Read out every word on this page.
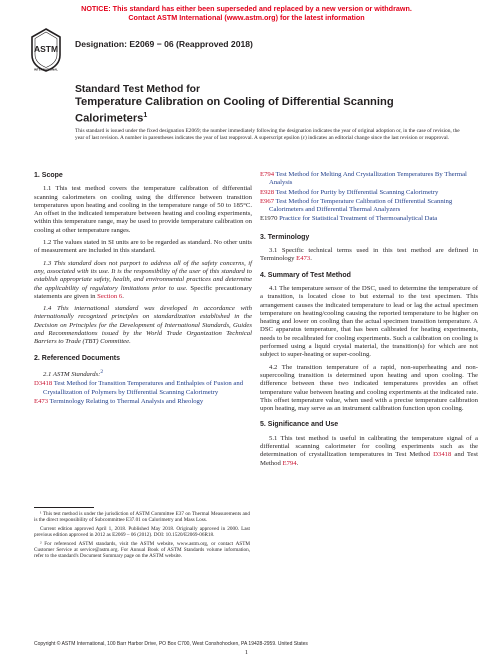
NOTICE: This standard has either been superseded and replaced by a new version or withdrawn.
Contact ASTM International (www.astm.org) for the latest information
ASTM
INTERNATIONAL
Designation: E2069 − 06 (Reapproved 2018)
Standard Test Method for
Temperature Calibration on Cooling of Differential Scanning
Calorimeters$^1$
This standard is issued under the fixed designation E2069; the number immediately following the designation indicates the year of original adoption or, in the case of revision, the year of last revision. A number in parentheses indicates the year of last reapproval. A superscript epsilon (ε) indicates an editorial change since the last revision or reapproval.
1. Scope

1.1 This test method covers the temperature calibration of differential scanning calorimeters on cooling using the difference between transition temperatures upon heating and cooling in the temperature range of 50 to 185°C. An offset in the indicated temperature between heating and cooling experiments, within this temperature range, may be used to provide temperature calibration on cooling at other temperature ranges.

1.2 The values stated in SI units are to be regarded as standard. No other units of measurement are included in this standard.

1.3 This standard does not purport to address all of the safety concerns, if any, associated with its use. It is the responsibility of the user of this standard to establish appropriate safety, health, and environmental practices and determine the applicability of regulatory limitations prior to use. Specific precautionary statements are given in Section 6.

1.4 This international standard was developed in accordance with internationally recognized principles on standardization established in the Decision on Principles for the Development of International Standards, Guides and Recommendations issued by the World Trade Organization Technical Barriers to Trade (TBT) Committee.

2. Referenced Documents

2.1 ASTM Standards:$^2$

D3418 Test Method for Transition Temperatures and Enthalpies of Fusion and Crystallization of Polymers by Differential Scanning Calorimetry
E473 Terminology Relating to Thermal Analysis and Rheology
E794 Test Method for Melting And Crystallization Temperatures By Thermal Analysis
E928 Test Method for Purity by Differential Scanning Calorimetry
E967 Test Method for Temperature Calibration of Differential Scanning Calorimeters and Differential Thermal Analyzers
E1970 Practice for Statistical Treatment of Thermoanalytical Data
3. Terminology

3.1 Specific technical terms used in this test method are defined in Terminology E473.

4. Summary of Test Method

4.1 The temperature sensor of the DSC, used to determine the temperature of a transition, is located close to but external to the test specimen. This arrangement causes the indicated temperature to lead or lag the actual specimen temperature on heating/cooling causing the reported temperature to be higher on heating and lower on cooling than the actual specimen transition temperature. A DSC apparatus temperature, that has been calibrated for heating experiments, needs to be recalibrated for cooling experiments. Such a calibration on cooling is performed using a liquid crystal material, the transition(s) for which are not subject to super-heating or super-cooling.

4.2 The transition temperature of a rapid, non-superheating and non-supercooling transition is determined upon heating and upon cooling. The difference between these two indicated temperatures provides an offset temperature value between heating and cooling experiments at the indicated rate. This offset temperature value, when used with a precise temperature calibration upon heating, may serve as an instrument calibration function upon cooling.

5. Significance and Use

5.1 This test method is useful in calibrating the temperature signal of a differential scanning calorimeter for cooling experiments such as the determination of crystallization temperatures in Test Method D3418 and Test Method E794.

¹ This test method is under the jurisdiction of ASTM Committee E37 on Thermal Measurements and is the direct responsibility of Subcommittee E37.01 on Calorimetry and Mass Loss.

Current edition approved April 1, 2018. Published May 2018. Originally approved in 2000. Last previous edition approved in 2012 as E2069 – 06 (2012). DOI: 10.1520/E2069-06R18.

² For referenced ASTM standards, visit the ASTM website, www.astm.org, or contact ASTM Customer Service at service@astm.org. For Annual Book of ASTM Standards volume information, refer to the standard's Document Summary page on the ASTM website.

Copyright © ASTM International, 100 Barr Harbor Drive, PO Box C700, West Conshohocken, PA 19428-2959. United States
1
